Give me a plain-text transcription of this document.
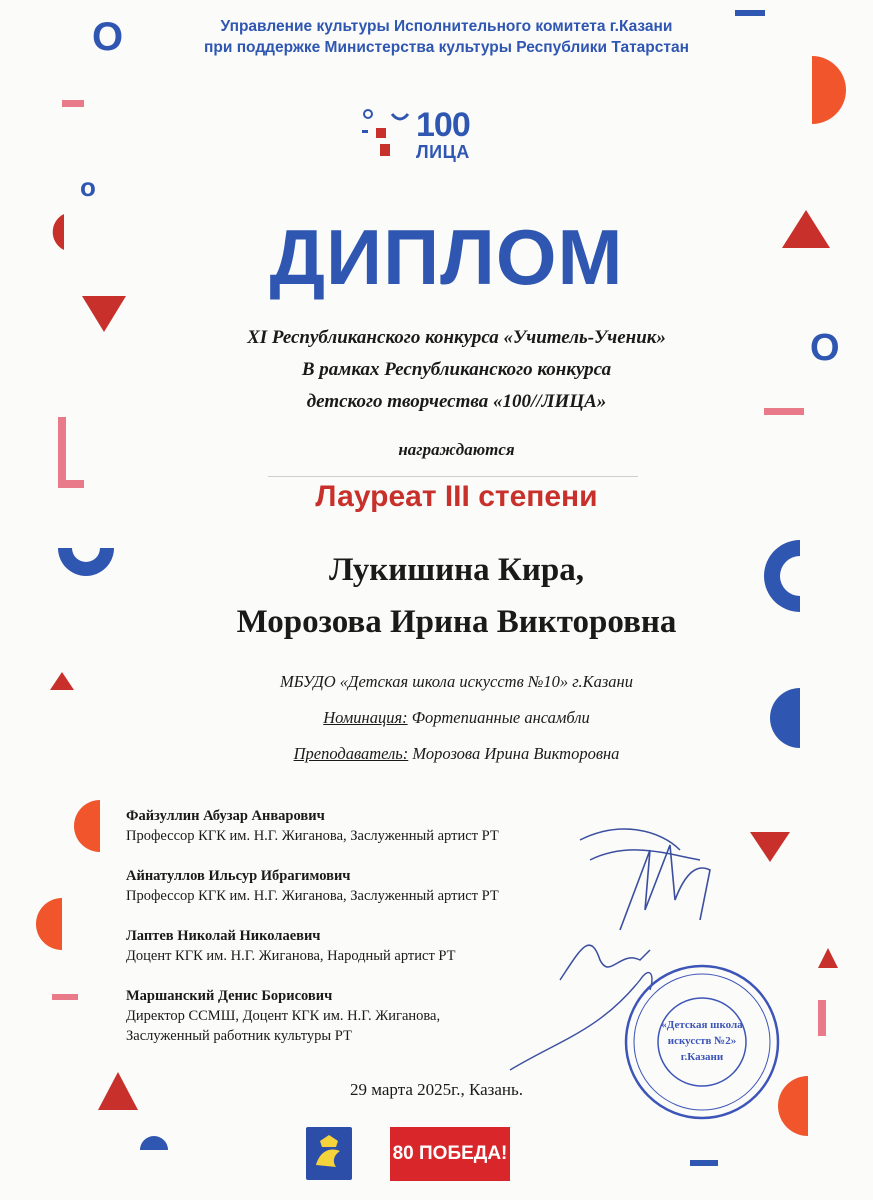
O
o
O
Управление культуры Исполнительного комитета г.Казани
при поддержке Министерства культуры Республики Татарстан
100
ЛИЦА
ДИПЛОМ
XI Республиканского конкурса «Учитель-Ученик»
В рамках Республиканского конкурса
детского творчества «100//ЛИЦА»
награждаются
Лауреат III степени
Лукишина Кира,
Морозова Ирина Викторовна
МБУДО «Детская школа искусств №10» г.Казани
Номинация: Фортепианные ансамбли
Преподаватель: Морозова Ирина Викторовна
Файзуллин Абузар Анварович
Профессор КГК им. Н.Г. Жиганова, Заслуженный артист РТ
Айнатуллов Ильсур Ибрагимович
Профессор КГК им. Н.Г. Жиганова, Заслуженный артист РТ
Лаптев Николай Николаевич
Доцент КГК им. Н.Г. Жиганова, Народный артист РТ
Маршанский Денис Борисович
Директор ССМШ, Доцент КГК им. Н.Г. Жиганова,
Заслуженный работник культуры РТ
«Детская школа
искусств №2»
г.Казани
29 марта 2025г., Казань.
80 ПОБЕДА!
